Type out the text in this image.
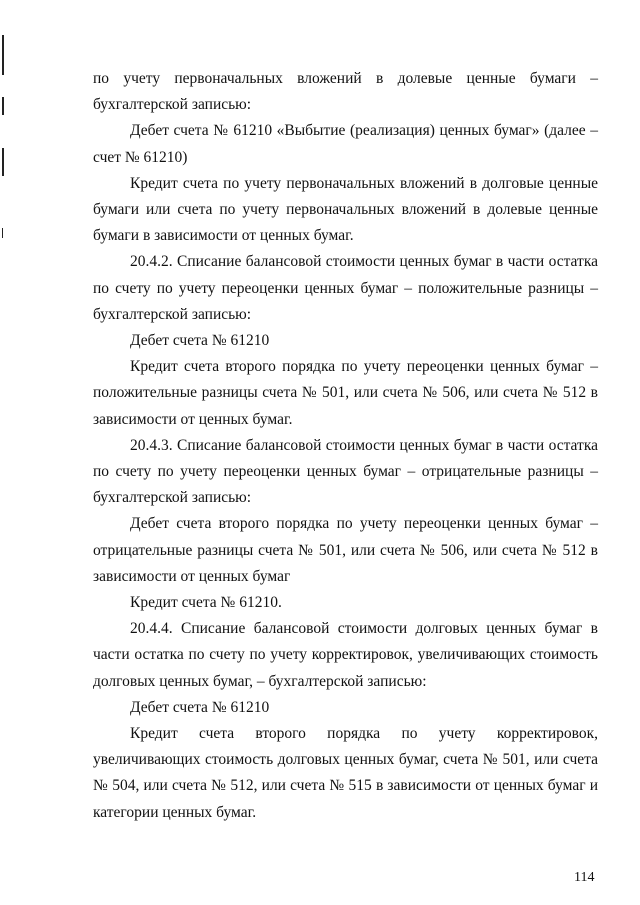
по учету первоначальных вложений в долевые ценные бумаги – бухгалтерской записью:

Дебет счета № 61210 «Выбытие (реализация) ценных бумаг» (далее – счет № 61210)

Кредит счета по учету первоначальных вложений в долговые ценные бумаги или счета по учету первоначальных вложений в долевые ценные бумаги в зависимости от ценных бумаг.

20.4.2. Списание балансовой стоимости ценных бумаг в части остатка по счету по учету переоценки ценных бумаг – положительные разницы – бухгалтерской записью:

Дебет счета № 61210

Кредит счета второго порядка по учету переоценки ценных бумаг – положительные разницы счета № 501, или счета № 506, или счета № 512 в зависимости от ценных бумаг.

20.4.3. Списание балансовой стоимости ценных бумаг в части остатка по счету по учету переоценки ценных бумаг – отрицательные разницы – бухгалтерской записью:

Дебет счета второго порядка по учету переоценки ценных бумаг – отрицательные разницы счета № 501, или счета № 506, или счета № 512 в зависимости от ценных бумаг

Кредит счета № 61210.

20.4.4. Списание балансовой стоимости долговых ценных бумаг в части остатка по счету по учету корректировок, увеличивающих стоимость долговых ценных бумаг, – бухгалтерской записью:

Дебет счета № 61210

Кредит счета второго порядка по учету корректировок, увеличивающих стоимость долговых ценных бумаг, счета № 501, или счета № 504, или счета № 512, или счета № 515 в зависимости от ценных бумаг и категории ценных бумаг.

114
